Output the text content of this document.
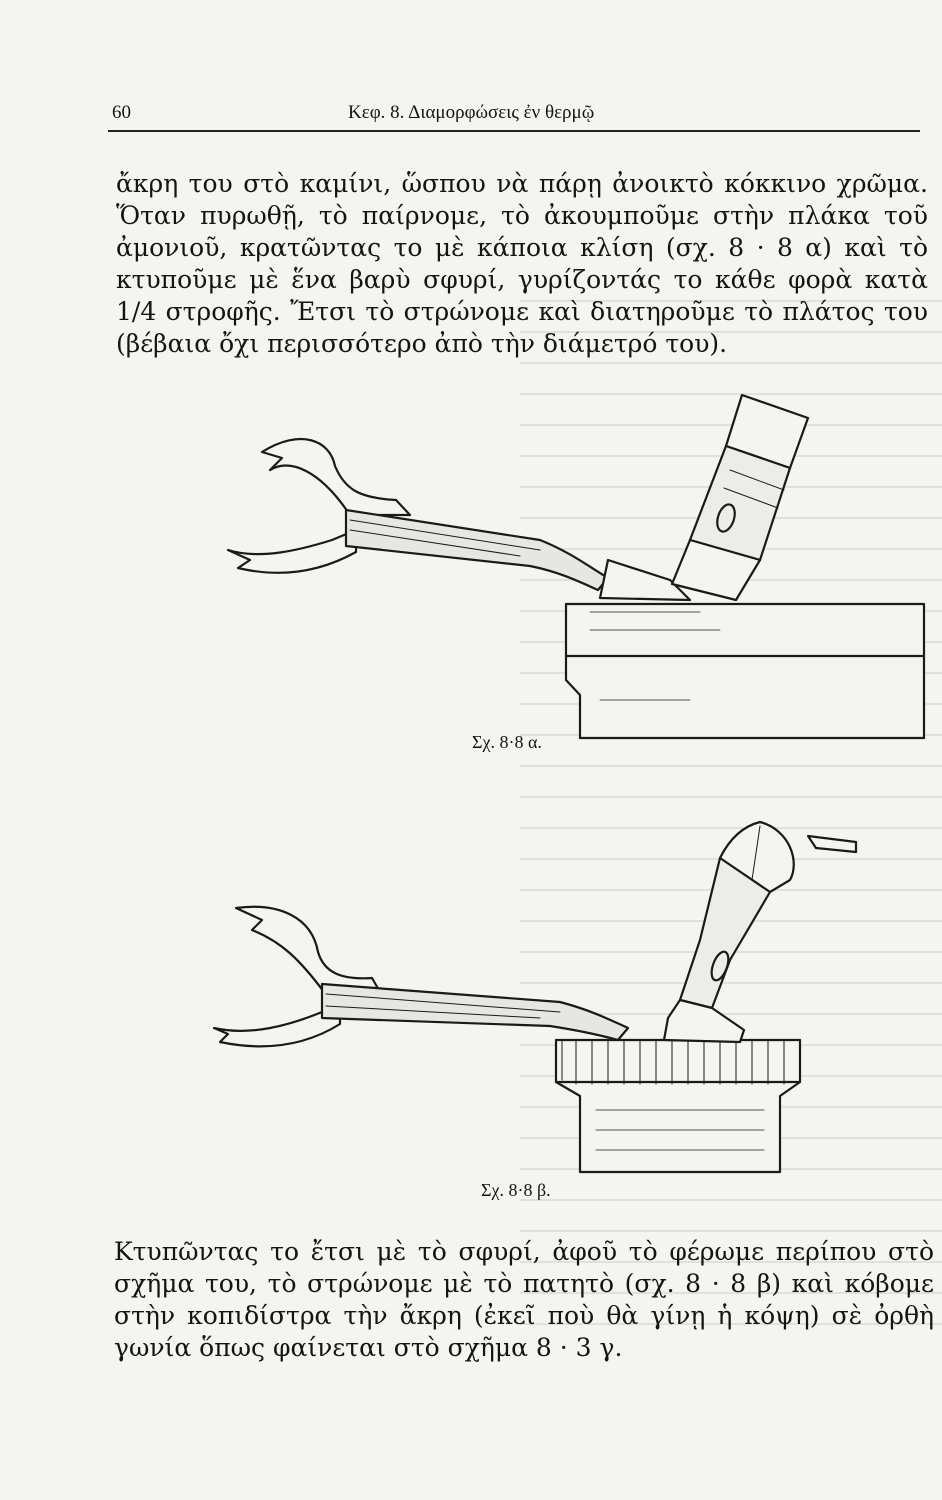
60	Κεφ. 8. Διαμορφώσεις ἐν θερμῷ

ἄκρη του στὸ καμίνι, ὥσπου νὰ πάρῃ ἀνοικτὸ κόκκινο χρῶμα. Ὅταν πυρωθῇ, τὸ παίρνομε, τὸ ἀκουμποῦμε στὴν πλάκα τοῦ ἀμονιοῦ, κρατῶντας το μὲ κάποια κλίση (σχ. 8 · 8 α) καὶ τὸ κτυποῦμε μὲ ἕνα βαρὺ σφυρί, γυρίζοντάς το κάθε φορὰ κατὰ 1/4 στροφῆς. Ἔτσι τὸ στρώνομε καὶ διατηροῦμε τὸ πλάτος του (βέβαια ὄχι περισσότερο ἀπὸ τὴν διάμετρό του).

Σχ. 8·8 α.
Σχ. 8·8 β.

Κτυπῶντας το ἔτσι μὲ τὸ σφυρί, ἀφοῦ τὸ φέρωμε περίπου στὸ σχῆμα του, τὸ στρώνομε μὲ τὸ πατητὸ (σχ. 8 · 8 β) καὶ κόβομε στὴν κοπιδίστρα τὴν ἄκρη (ἐκεῖ ποὺ θὰ γίνῃ ἡ κόψη) σὲ ὀρθὴ γωνία ὅπως φαίνεται στὸ σχῆμα 8 · 3 γ.
